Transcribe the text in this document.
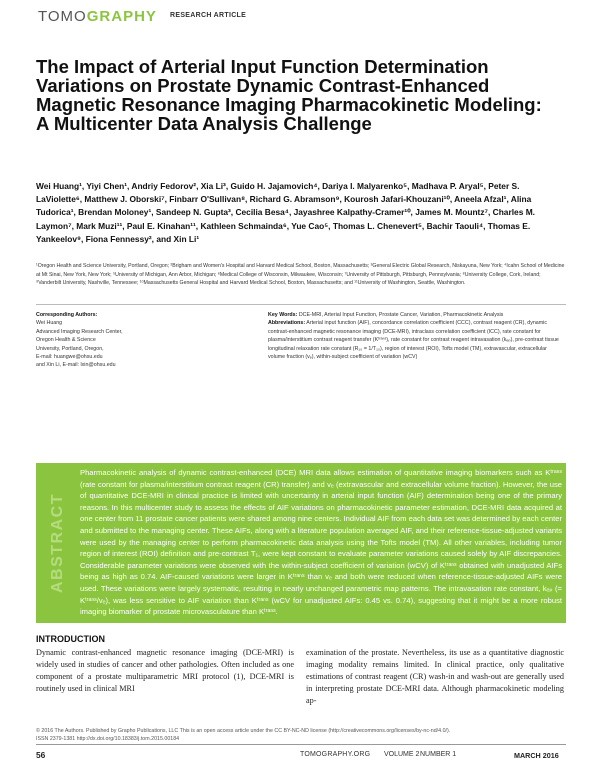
TOMOGRAPHY RESEARCH ARTICLE
The Impact of Arterial Input Function Determination Variations on Prostate Dynamic Contrast-Enhanced Magnetic Resonance Imaging Pharmacokinetic Modeling: A Multicenter Data Analysis Challenge
Wei Huang¹, Yiyi Chen¹, Andriy Fedorov², Xia Li³, Guido H. Jajamovich⁴, Dariya I. Malyarenko⁵, Madhava P. Aryal⁵, Peter S. LaViolette⁶, Matthew J. Oborski⁷, Finbarr O'Sullivan⁸, Richard G. Abramson⁹, Kourosh Jafari-Khouzani¹⁰, Aneela Afzal¹, Alina Tudorica¹, Brendan Moloney¹, Sandeep N. Gupta³, Cecilia Besa⁴, Jayashree Kalpathy-Cramer¹⁰, James M. Mountz⁷, Charles M. Laymon⁷, Mark Muzi¹¹, Paul E. Kinahan¹¹, Kathleen Schmainda⁶, Yue Cao⁵, Thomas L. Chenevert⁵, Bachir Taouli⁴, Thomas E. Yankeelov⁹, Fiona Fennessy², and Xin Li¹
¹Oregon Health and Science University, Portland, Oregon; ²Brigham and Women's Hospital and Harvard Medical School, Boston, Massachusetts; ³General Electric Global Research, Niskayuna, New York; ⁴Icahn School of Medicine at Mt Sinai, New York, New York; ⁵University of Michigan, Ann Arbor, Michigan; ⁶Medical College of Wisconsin, Milwaukee, Wisconsin; ⁷University of Pittsburgh, Pittsburgh, Pennsylvania; ⁸University College, Cork, Ireland; ⁹Vanderbilt University, Nashville, Tennessee; ¹⁰Massachusetts General Hospital and Harvard Medical School, Boston, Massachusetts; and ¹¹University of Washington, Seattle, Washington.
Corresponding Authors:
Wei Huang
Advanced Imaging Research Center,
Oregon Health & Science
University, Portland, Oregon,
E-mail: huangwe@ohsu.edu
and Xin Li, E-mail: lxin@ohsu.edu
Key Words: DCE-MRI, Arterial Input Function, Prostate Cancer, Variation, Pharmacokinetic Analysis
Abbreviations: Arterial input function (AIF), concordance correlation coefficient (CCC), contrast reagent (CR), dynamic contrast-enhanced magnetic resonance imaging (DCE-MRI), intraclass correlation coefficient (ICC), rate constant for plasma/interstitium contrast reagent transfer (Kᵗʳᵃⁿˢ), rate constant for contrast reagent intravasation (kₑₚ), pre-contrast tissue longitudinal relaxation rate constant (R₁₀ = 1/T₁₀), region of interest (ROI), Tofts model (TM), extravascular, extracellular volume fraction (vₑ), within-subject coefficient of variation (wCV)
ABSTRACT
Pharmacokinetic analysis of dynamic contrast-enhanced (DCE) MRI data allows estimation of quantitative imaging biomarkers such as Kᵗʳᵃⁿˢ (rate constant for plasma/interstitium contrast reagent (CR) transfer) and vₑ (extravascular and extracellular volume fraction). However, the use of quantitative DCE-MRI in clinical practice is limited with uncertainty in arterial input function (AIF) determination being one of the primary reasons. In this multicenter study to assess the effects of AIF variations on pharmacokinetic parameter estimation, DCE-MRI data acquired at one center from 11 prostate cancer patients were shared among nine centers. Individual AIF from each data set was determined by each center and submitted to the managing center. These AIFs, along with a literature population averaged AIF, and their reference-tissue-adjusted variants were used by the managing center to perform pharmacokinetic data analysis using the Tofts model (TM). All other variables, including tumor region of interest (ROI) definition and pre-contrast T₁, were kept constant to evaluate parameter variations caused solely by AIF discrepancies. Considerable parameter variations were observed with the within-subject coefficient of variation (wCV) of Kᵗʳᵃⁿˢ obtained with unadjusted AIFs being as high as 0.74. AIF-caused variations were larger in Kᵗʳᵃⁿˢ than vₑ and both were reduced when reference-tissue-adjusted AIFs were used. These variations were largely systematic, resulting in nearly unchanged parametric map patterns. The intravasation rate constant, kₑₚ (= Kᵗʳᵃⁿˢ/vₑ), was less sensitive to AIF variation than Kᵗʳᵃⁿˢ (wCV for unadjusted AIFs: 0.45 vs. 0.74), suggesting that it might be a more robust imaging biomarker of prostate microvasculature than Kᵗʳᵃⁿˢ.
INTRODUCTION
Dynamic contrast-enhanced magnetic resonance imaging (DCE-MRI) is widely used in studies of cancer and other pathologies. Often included as one component of a prostate multiparametric MRI protocol (1), DCE-MRI is routinely used in clinical MRI
examination of the prostate. Nevertheless, its use as a quantitative diagnostic imaging modality remains limited. In clinical practice, only qualitative estimations of contrast reagent (CR) wash-in and wash-out are generally used in interpreting prostate DCE-MRI data. Although pharmacokinetic modeling ap-
© 2016 The Authors. Published by Grapho Publications, LLC This is an open access article under the CC BY-NC-ND license (http://creativecommons.org/licenses/by-nc-nd/4.0/).
ISSN 2379-1381 http://dx.doi.org/10.18383/j.tom.2015.00184
56	TOMOGRAPHY.ORG VOLUME 2 NUMBER 1	MARCH 2016
